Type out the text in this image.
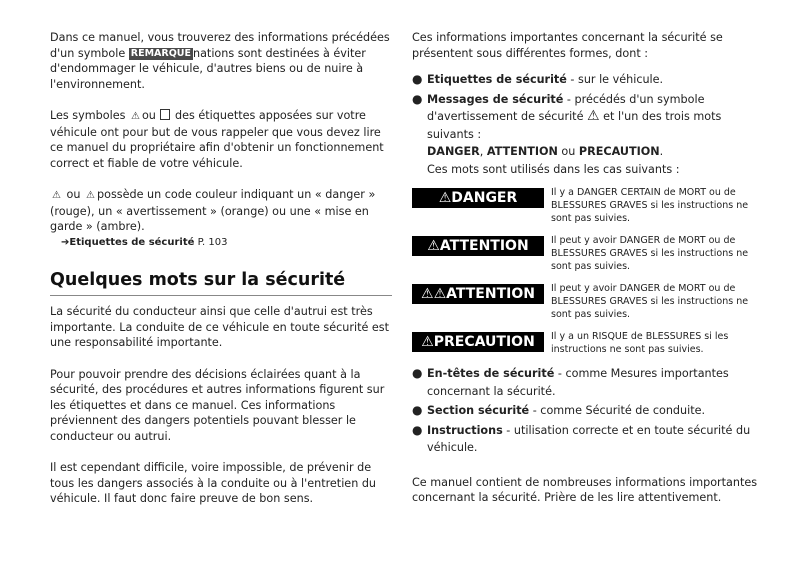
Dans ce manuel, vous trouverez des informations précédées d'un symbole REMARQUE nations sont destinées à éviter d'endommager le véhicule, d'autres biens ou de nuire à l'environnement.

Les symboles ⚠ ou des étiquettes apposées sur votre véhicule ont pour but de vous rappeler que vous devez lire ce manuel du propriétaire afin d'obtenir un fonctionnement correct et fiable de votre véhicule.

⚠ ou ⚠ possède un code couleur indiquant un « danger » (rouge), un « avertissement » (orange) ou une « mise en garde » (ambre).

➔Etiquettes de sécurité P. 103

Quelques mots sur la sécurité

La sécurité du conducteur ainsi que celle d'autrui est très importante. La conduite de ce véhicule en toute sécurité est une responsabilité importante.

Pour pouvoir prendre des décisions éclairées quant à la sécurité, des procédures et autres informations figurent sur les étiquettes et dans ce manuel. Ces informations préviennent des dangers potentiels pouvant blesser le conducteur ou autrui.

Il est cependant difficile, voire impossible, de prévenir de tous les dangers associés à la conduite ou à l'entretien du véhicule. Il faut donc faire preuve de bon sens.

Ces informations importantes concernant la sécurité se présentent sous différentes formes, dont :

● Etiquettes de sécurité - sur le véhicule.
● Messages de sécurité - précédés d'un symbole d'avertissement de sécurité ⚠ et l'un des trois mots suivants :
DANGER, ATTENTION ou PRECAUTION.
Ces mots sont utilisés dans les cas suivants :
⚠DANGER	Il y a DANGER CERTAIN de MORT ou de BLESSURES GRAVES si les instructions ne sont pas suivies.
⚠ATTENTION	Il peut y avoir DANGER de MORT ou de BLESSURES GRAVES si les instructions ne sont pas suivies.
⚠⚠ATTENTION	Il peut y avoir DANGER de MORT ou de BLESSURES GRAVES si les instructions ne sont pas suivies.
⚠PRECAUTION	Il y a un RISQUE de BLESSURES si les instructions ne sont pas suivies.
● En-têtes de sécurité - comme Mesures importantes concernant la sécurité.
● Section sécurité - comme Sécurité de conduite.
● Instructions - utilisation correcte et en toute sécurité du véhicule.

Ce manuel contient de nombreuses informations importantes concernant la sécurité. Prière de les lire attentivement.
